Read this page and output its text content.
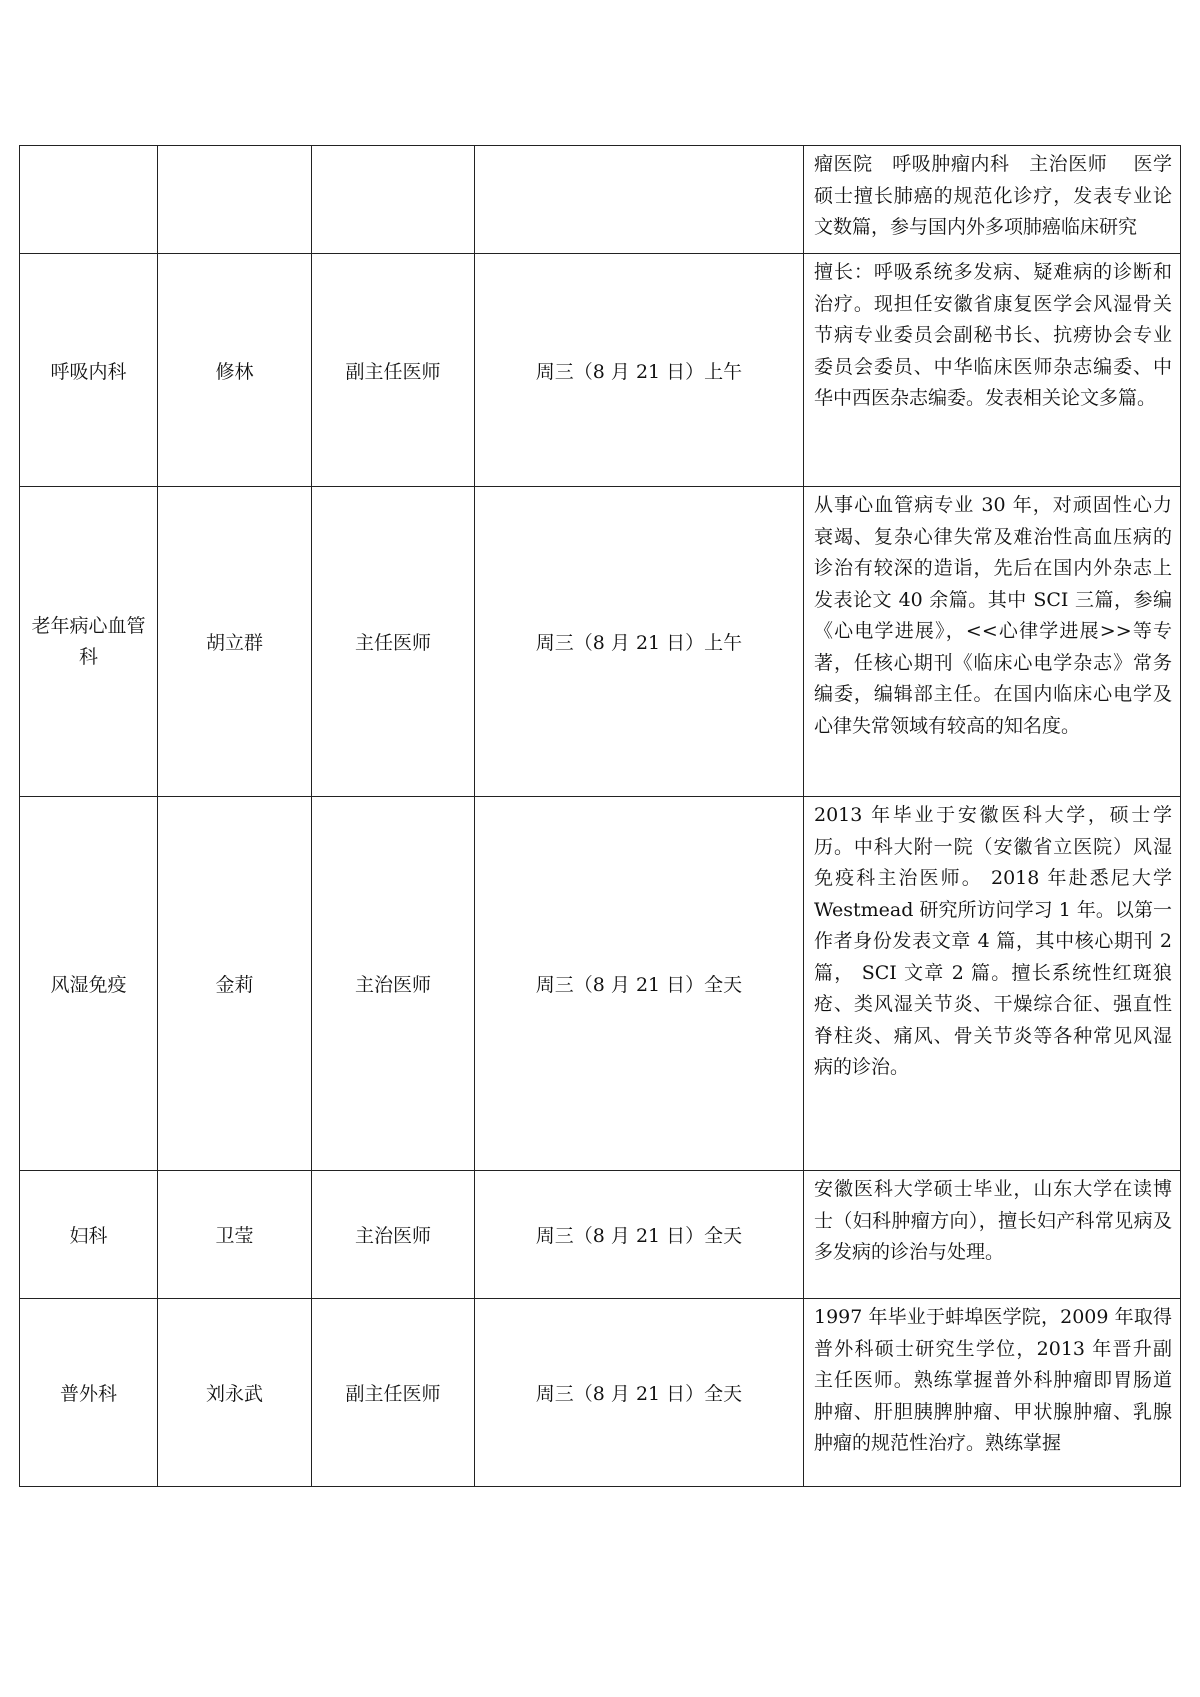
				瘤医院　呼吸肿瘤内科　主治医师　 医学硕士擅长肺癌的规范化诊疗，发表专业论文数篇，参与国内外多项肺癌临床研究

呼吸内科	修林	副主任医师	周三（8 月 21 日）上午	擅长：呼吸系统多发病、疑难病的诊断和治疗。现担任安徽省康复医学会风湿骨关节病专业委员会副秘书长、抗痨协会专业委员会委员、中华临床医师杂志编委、中华中西医杂志编委。发表相关论文多篇。

老年病心血管科	胡立群	主任医师	周三（8 月 21 日）上午	从事心血管病专业 30 年，对顽固性心力衰竭、复杂心律失常及难治性高血压病的诊治有较深的造诣，先后在国内外杂志上发表论文 40 余篇。其中 SCI 三篇，参编《心电学进展》，<<心律学进展>>等专著，任核心期刊《临床心电学杂志》常务编委，编辑部主任。在国内临床心电学及心律失常领域有较高的知名度。

风湿免疫	金莉	主治医师	周三（8 月 21 日）全天	2013 年毕业于安徽医科大学，硕士学历。中科大附一院（安徽省立医院）风湿免疫科主治医师。 2018 年赴悉尼大学 Westmead 研究所访问学习 1 年。以第一作者身份发表文章 4 篇，其中核心期刊 2 篇， SCI 文章 2 篇。擅长系统性红斑狼疮、类风湿关节炎、干燥综合征、强直性脊柱炎、痛风、骨关节炎等各种常见风湿病的诊治。

妇科	卫莹	主治医师	周三（8 月 21 日）全天	安徽医科大学硕士毕业，山东大学在读博士（妇科肿瘤方向），擅长妇产科常见病及多发病的诊治与处理。

普外科	刘永武	副主任医师	周三（8 月 21 日）全天	1997 年毕业于蚌埠医学院，2009 年取得普外科硕士研究生学位，2013 年晋升副主任医师。熟练掌握普外科肿瘤即胃肠道肿瘤、肝胆胰脾肿瘤、甲状腺肿瘤、乳腺肿瘤的规范性治疗。熟练掌握
